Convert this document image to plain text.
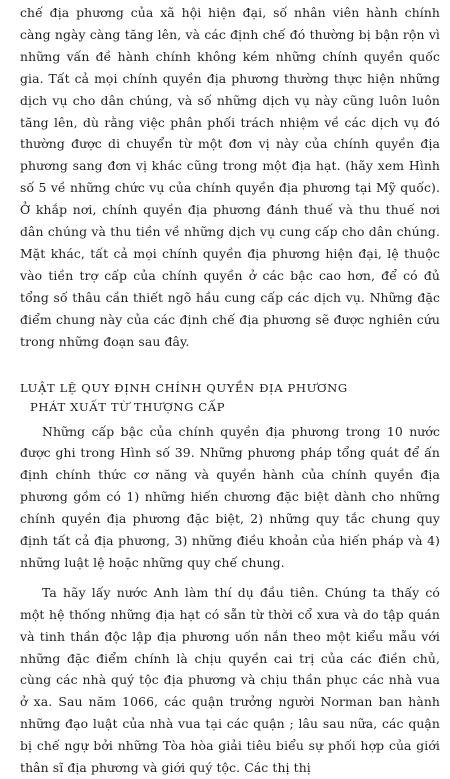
chế địa phương của xã hội hiện đại, số nhân viên hành chính càng ngày càng tăng lên, và các định chế đó thường bị bận rộn vì những vấn đề hành chính không kém những chính quyền quốc gia. Tất cả mọi chính quyền địa phương thường thực hiện những dịch vụ cho dân chúng, và số những dịch vụ này cũng luôn luôn tăng lên, dù rằng việc phân phối trách nhiệm về các dịch vụ đó thường được di chuyển từ một đơn vị này của chính quyền địa phương sang đơn vị khác cũng trong một địa hạt. (hãy xem Hình số 5 về những chức vụ của chính quyền địa phương tại Mỹ quốc). Ở khắp nơi, chính quyền địa phương đánh thuế và thu thuế nơi dân chúng và thu tiền về những dịch vụ cung cấp cho dân chúng. Mặt khác, tất cả mọi chính quyền địa phương hiện đại, lệ thuộc vào tiền trợ cấp của chính quyền ở các bậc cao hơn, để có đủ tổng số thâu cần thiết ngõ hầu cung cấp các dịch vụ. Những đặc điểm chung này của các định chế địa phương sẽ được nghiên cứu trong những đoạn sau đây.

LUẬT LỆ QUY ĐỊNH CHÍNH QUYỀN ĐỊA PHƯƠNG
PHÁT XUẤT TỪ THƯỢNG CẤP

Những cấp bậc của chính quyền địa phương trong 10 nước được ghi trong Hình số 39. Những phương pháp tổng quát để ấn định chính thức cơ năng và quyền hành của chính quyền địa phương gồm có 1) những hiến chương đặc biệt dành cho những chính quyền địa phương đặc biệt, 2) những quy tắc chung quy định tất cả địa phương, 3) những điều khoản của hiến pháp và 4) những luật lệ hoặc những quy chế chung.

Ta hãy lấy nước Anh làm thí dụ đầu tiên. Chúng ta thấy có một hệ thống những địa hạt có sẵn từ thời cổ xưa và do tập quán và tinh thần độc lập địa phương uốn nắn theo một kiểu mẫu với những đặc điểm chính là chịu quyền cai trị của các điền chủ, cùng các nhà quý tộc địa phương và chịu thần phục các nhà vua ở xa. Sau năm 1066, các quận trưởng người Norman ban hành những đạo luật của nhà vua tại các quận ; lâu sau nữa, các quận bị chế ngự bởi những Tòa hòa giải tiêu biểu sự phối hợp của giới thân sĩ địa phương và giới quý tộc. Các thị thị
